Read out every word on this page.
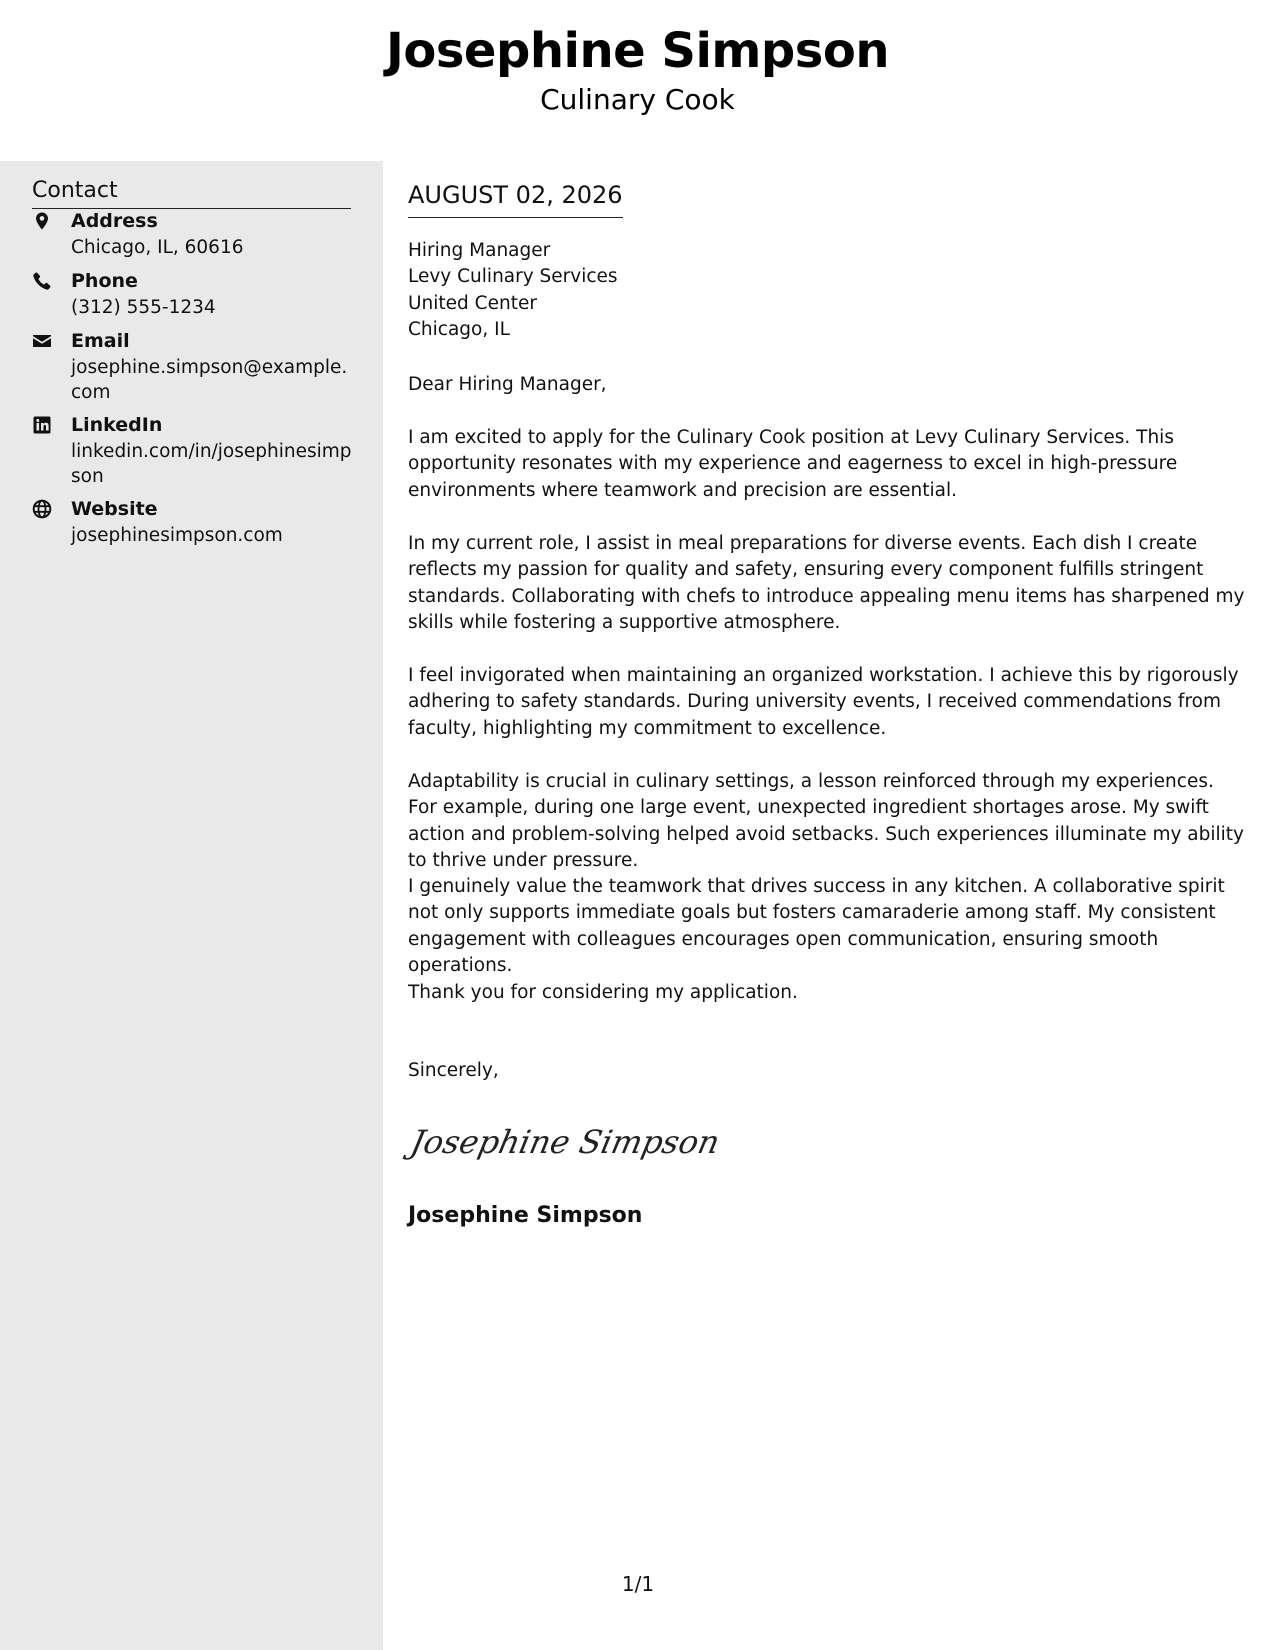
Josephine Simpson
Culinary Cook
Contact
Address
Chicago, IL, 60616
Phone
(312) 555-1234
Email
josephine.simpson@example.com
LinkedIn
linkedin.com/in/josephinesimpson
Website
josephinesimpson.com
AUGUST 02, 2026
Hiring Manager
Levy Culinary Services
United Center
Chicago, IL
Dear Hiring Manager,
I am excited to apply for the Culinary Cook position at Levy Culinary Services. This opportunity resonates with my experience and eagerness to excel in high-pressure environments where teamwork and precision are essential.
In my current role, I assist in meal preparations for diverse events. Each dish I create reflects my passion for quality and safety, ensuring every component fulfills stringent standards. Collaborating with chefs to introduce appealing menu items has sharpened my skills while fostering a supportive atmosphere.
I feel invigorated when maintaining an organized workstation. I achieve this by rigorously adhering to safety standards. During university events, I received commendations from faculty, highlighting my commitment to excellence.
Adaptability is crucial in culinary settings, a lesson reinforced through my experiences. For example, during one large event, unexpected ingredient shortages arose. My swift action and problem-solving helped avoid setbacks. Such experiences illuminate my ability to thrive under pressure.
I genuinely value the teamwork that drives success in any kitchen. A collaborative spirit not only supports immediate goals but fosters camaraderie among staff. My consistent engagement with colleagues encourages open communication, ensuring smooth operations.
Thank you for considering my application.
Sincerely,
Josephine Simpson
Josephine Simpson
1/1
